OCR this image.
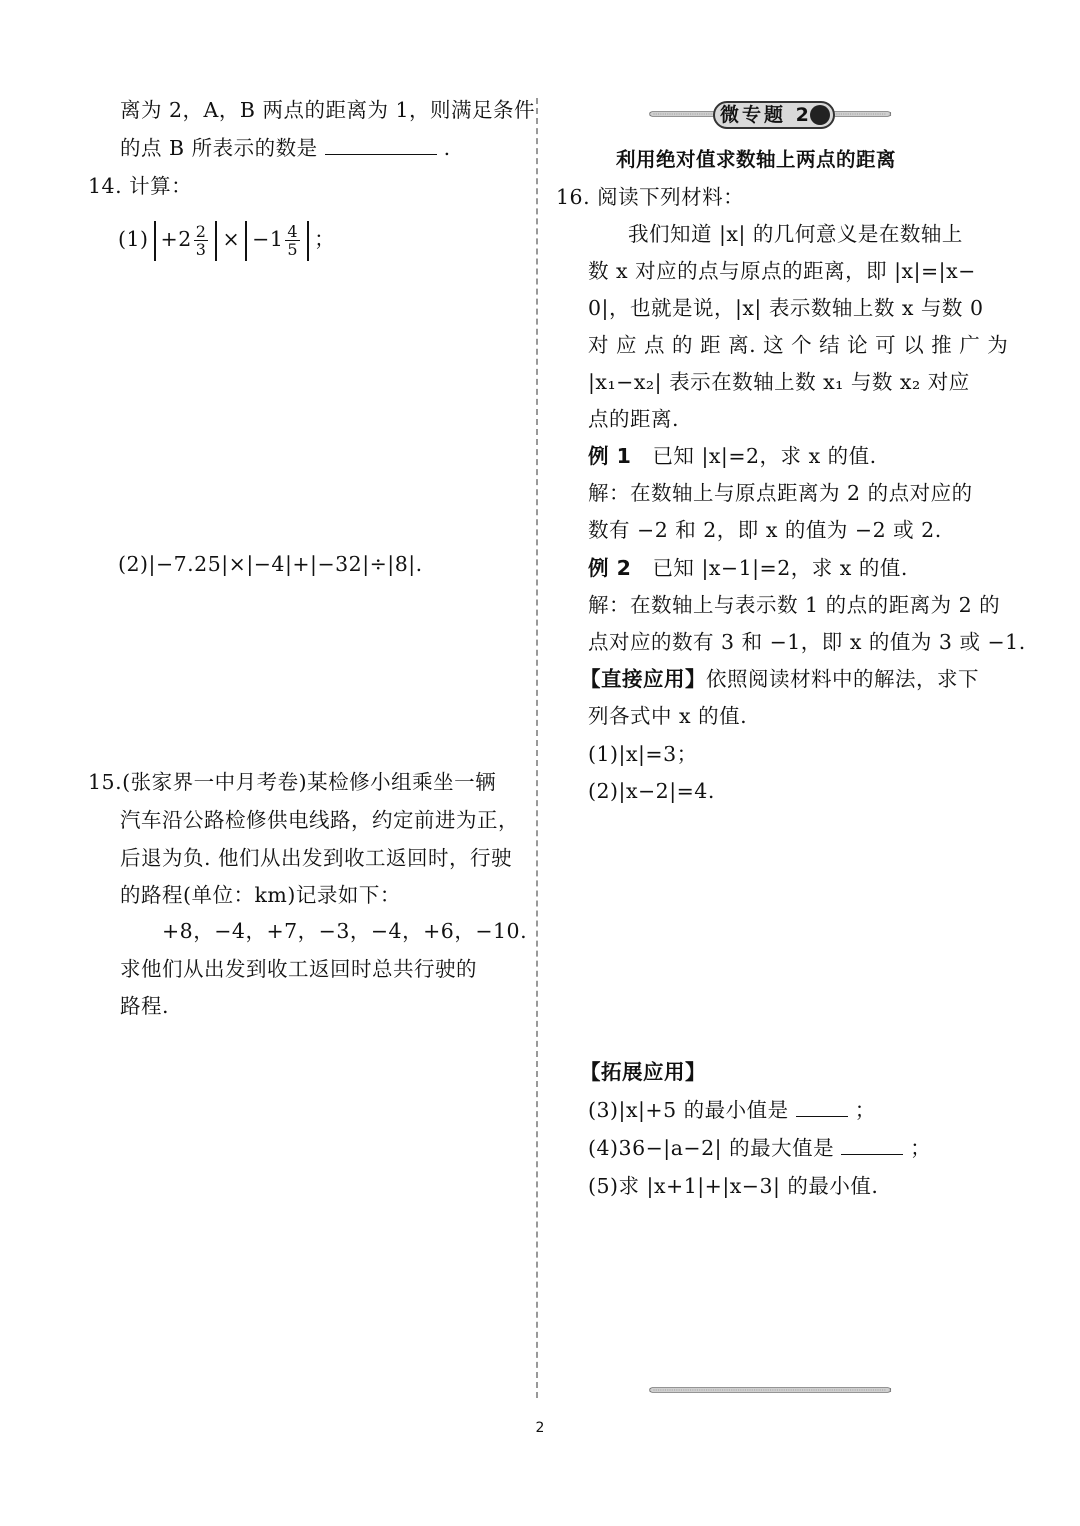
离为 2，A，B 两点的距离为 1，则满足条件
的点 B 所表示的数是	.
14. 计算：
$(1) +2 \frac{2}{3} \times -1 \frac{4}{5}$ ；
(2)|−7.25|×|−4|+|−32|÷|8|.
15.(张家界一中月考卷)某检修小组乘坐一辆
汽车沿公路检修供电线路，约定前进为正，
后退为负. 他们从出发到收工返回时，行驶
的路程(单位：km)记录如下：
+8，−4，+7，−3，−4，+6，−10.
求他们从出发到收工返回时总共行驶的
路程.
微专题 2
利用绝对值求数轴上两点的距离
16. 阅读下列材料：
我们知道 |x| 的几何意义是在数轴上
数 x 对应的点与原点的距离，即 |x|=|x−
0|，也就是说，|x| 表示数轴上数 x 与数 0
对 应 点 的 距 离. 这 个 结 论 可 以 推 广 为
|x₁−x₂| 表示在数轴上数 x₁ 与数 x₂ 对应
点的距离.
例 1 已知 |x|=2，求 x 的值.
解：在数轴上与原点距离为 2 的点对应的
数有 −2 和 2，即 x 的值为 −2 或 2.
例 2 已知 |x−1|=2，求 x 的值.
解：在数轴上与表示数 1 的点的距离为 2 的
点对应的数有 3 和 −1，即 x 的值为 3 或 −1.
【直接应用】依照阅读材料中的解法，求下
列各式中 x 的值.
(1)|x|=3；
(2)|x−2|=4.
【拓展应用】
(3)|x|+5 的最小值是	；
(4)36−|a−2| 的最大值是	；
(5)求 |x+1|+|x−3| 的最小值.
2
